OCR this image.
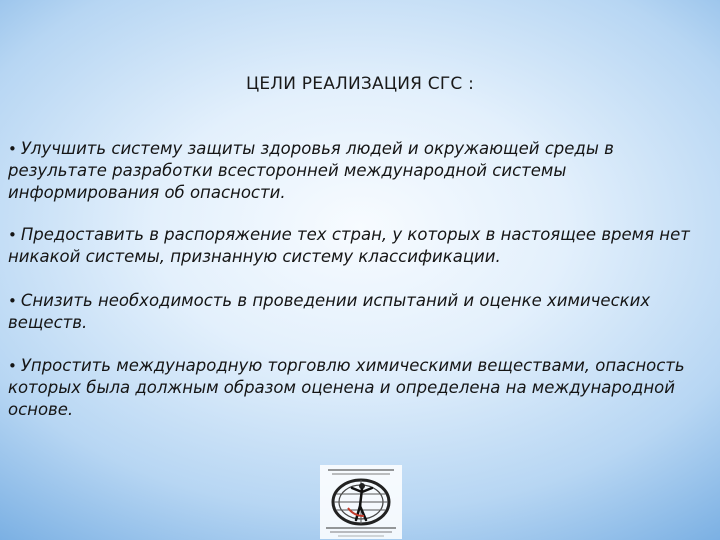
ЦЕЛИ РЕАЛИЗАЦИЯ СГС :
• Улучшить систему защиты здоровья людей и окружающей среды в результате разработки всесторонней международной системы информирования об опасности.
• Предоставить в распоряжение тех стран, у которых в настоящее время нет никакой системы, признанную систему классификации.
• Снизить необходимость в проведении испытаний и оценке химических веществ.
• Упростить международную торговлю химическими веществами, опасность которых была должным образом оценена и определена на международной основе.
